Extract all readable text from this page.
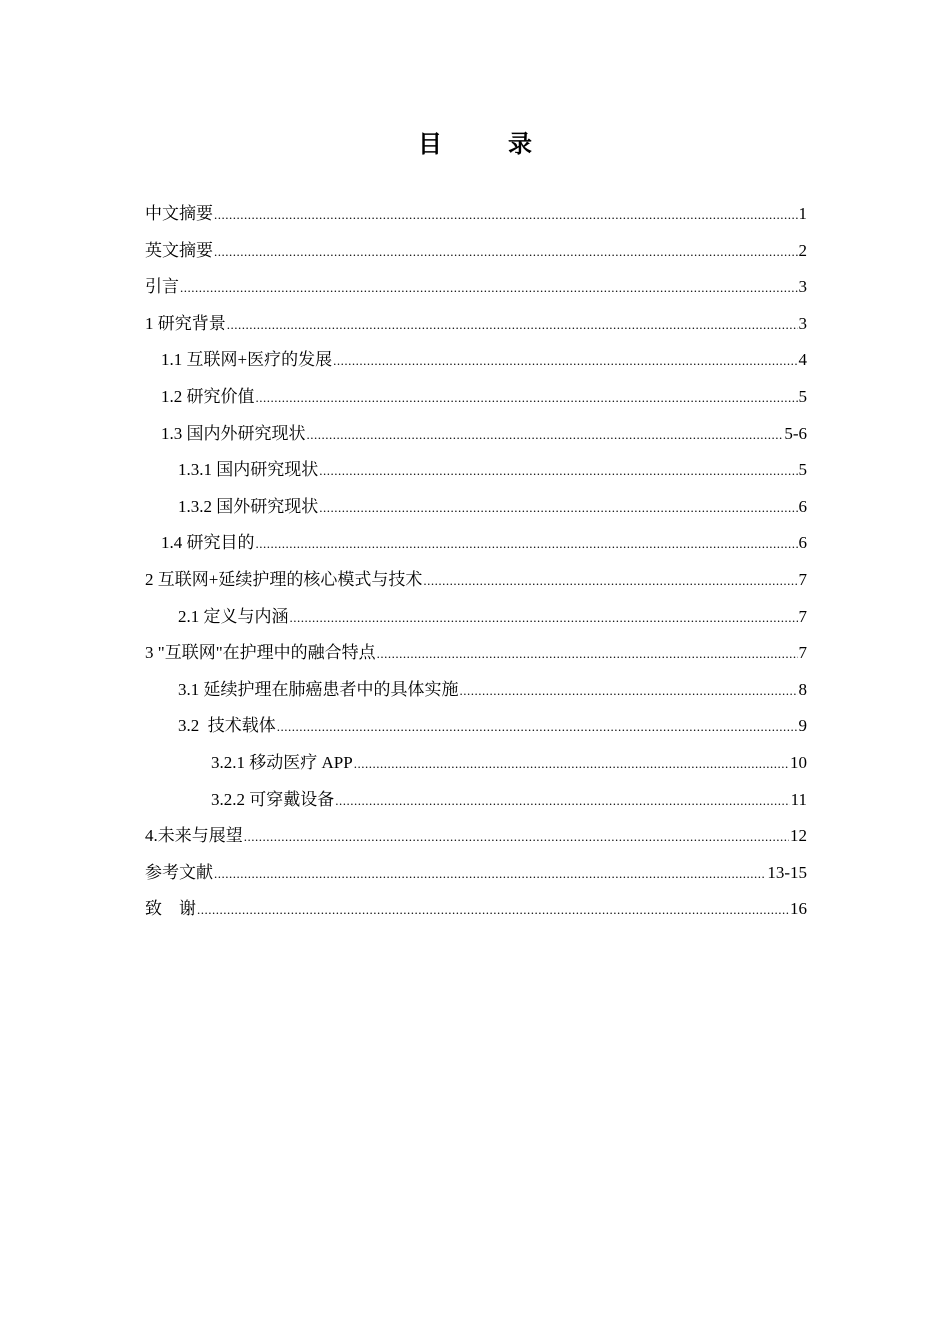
目	录
中文摘要 .....	1
英文摘要 .....	2
引言 .....	3
1 研究背景 .....	3
1.1 互联网+医疗的发展 .....	4
1.2 研究价值 .....	5
1.3 国内外研究现状 .....	5-6
1.3.1 国内研究现状 .....	5
1.3.2 国外研究现状 .....	6
1.4 研究目的 .....	6
2 互联网+延续护理的核心模式与技术 .....	7
2.1 定义与内涵 .....	7
3 "互联网"在护理中的融合特点 .....	7
3.1 延续护理在肺癌患者中的具体实施 .....	8
3.2  技术载体 .....	9
3.2.1 移动医疗 APP .....	10
3.2.2 可穿戴设备 .....	11
4.未来与展望 .....	12
参考文献 .....	13-15
致    谢 .....	16
